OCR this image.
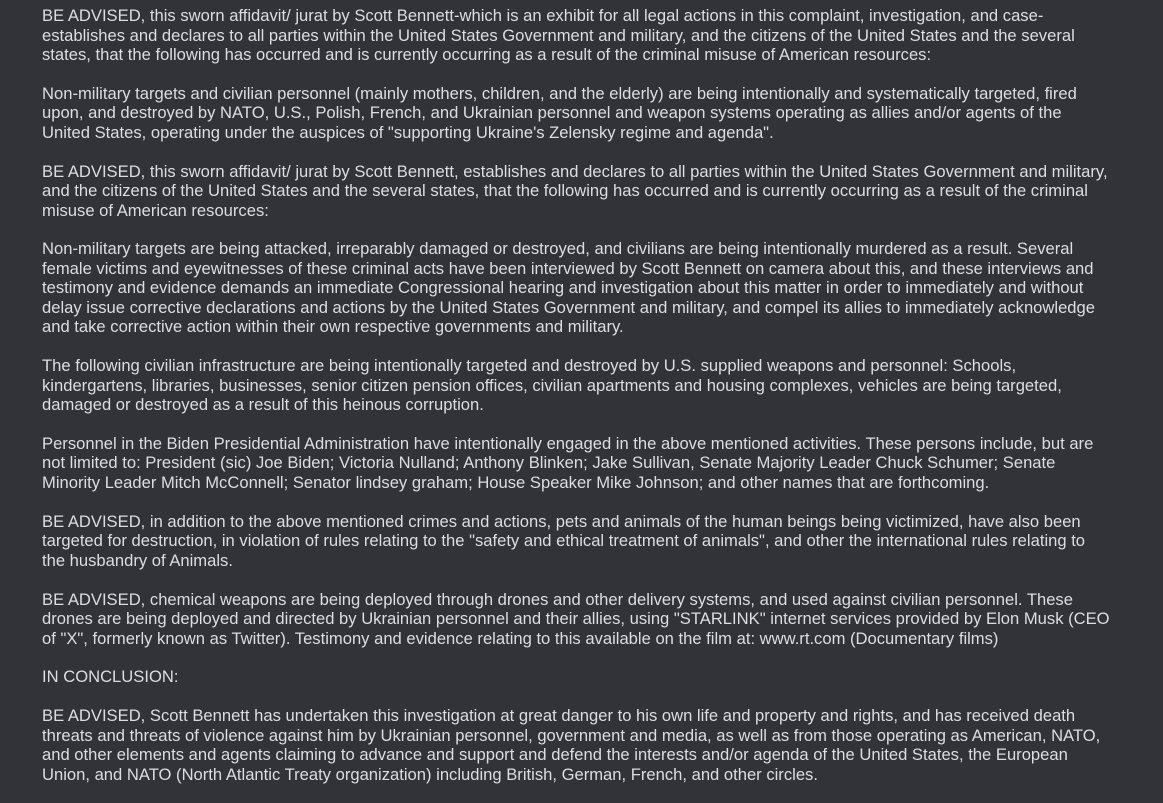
BE ADVISED, this sworn affidavit/ jurat by Scott Bennett-which is an exhibit for all legal actions in this complaint, investigation, and case-establishes and declares to all parties within the United States Government and military, and the citizens of the United States and the several states, that the following has occurred and is currently occurring as a result of the criminal misuse of American resources:

Non-military targets and civilian personnel (mainly mothers, children, and the elderly) are being intentionally and systematically targeted, fired upon, and destroyed by NATO, U.S., Polish, French, and Ukrainian personnel and weapon systems operating as allies and/or agents of the United States, operating under the auspices of "supporting Ukraine's Zelensky regime and agenda".

BE ADVISED, this sworn affidavit/ jurat by Scott Bennett, establishes and declares to all parties within the United States Government and military, and the citizens of the United States and the several states, that the following has occurred and is currently occurring as a result of the criminal misuse of American resources:

Non-military targets are being attacked, irreparably damaged or destroyed, and civilians are being intentionally murdered as a result. Several female victims and eyewitnesses of these criminal acts have been interviewed by Scott Bennett on camera about this, and these interviews and testimony and evidence demands an immediate Congressional hearing and investigation about this matter in order to immediately and without delay issue corrective declarations and actions by the United States Government and military, and compel its allies to immediately acknowledge and take corrective action within their own respective governments and military.

The following civilian infrastructure are being intentionally targeted and destroyed by U.S. supplied weapons and personnel: Schools, kindergartens, libraries, businesses, senior citizen pension offices, civilian apartments and housing complexes, vehicles are being targeted, damaged or destroyed as a result of this heinous corruption.

Personnel in the Biden Presidential Administration have intentionally engaged in the above mentioned activities. These persons include, but are not limited to: President (sic) Joe Biden; Victoria Nulland; Anthony Blinken; Jake Sullivan, Senate Majority Leader Chuck Schumer; Senate Minority Leader Mitch McConnell; Senator lindsey graham; House Speaker Mike Johnson; and other names that are forthcoming.

BE ADVISED, in addition to the above mentioned crimes and actions, pets and animals of the human beings being victimized, have also been targeted for destruction, in violation of rules relating to the "safety and ethical treatment of animals", and other the international rules relating to the husbandry of Animals.

BE ADVISED, chemical weapons are being deployed through drones and other delivery systems, and used against civilian personnel. These drones are being deployed and directed by Ukrainian personnel and their allies, using "STARLINK" internet services provided by Elon Musk (CEO of "X", formerly known as Twitter). Testimony and evidence relating to this available on the film at: www.rt.com (Documentary films)

IN CONCLUSION:

BE ADVISED, Scott Bennett has undertaken this investigation at great danger to his own life and property and rights, and has received death threats and threats of violence against him by Ukrainian personnel, government and media, as well as from those operating as American, NATO, and other elements and agents claiming to advance and support and defend the interests and/or agenda of the United States, the European Union, and NATO (North Atlantic Treaty organization) including British, German, French, and other circles.
